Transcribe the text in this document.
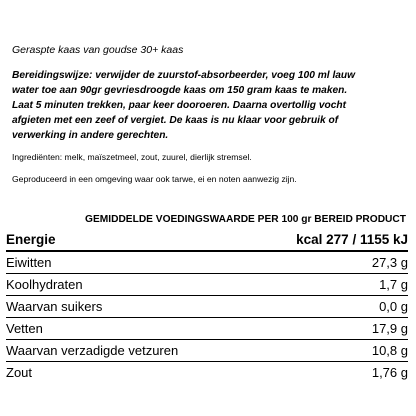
Geraspte kaas van goudse 30+ kaas
Bereidingswijze: verwijder de zuurstof-absorbeerder, voeg 100 ml lauw
water toe aan 90gr gevriesdroogde kaas om 150 gram kaas te maken.
Laat 5 minuten trekken, paar keer dooroeren. Daarna overtollig vocht
afgieten met een zeef of vergiet. De kaas is nu klaar voor gebruik of
verwerking in andere gerechten.
Ingrediënten: melk, maïszetmeel, zout, zuurel, dierlijk stremsel.
Geproduceerd in een omgeving waar ook tarwe, ei en noten aanwezig zijn.
GEMIDDELDE VOEDINGSWAARDE PER 100 gr BEREID PRODUCT
Energie	kcal 277 / 1155 kJ
Eiwitten	27,3 g
Koolhydraten	1,7 g
Waarvan suikers	0,0 g
Vetten	17,9 g
Waarvan verzadigde vetzuren	10,8 g
Zout	1,76 g
